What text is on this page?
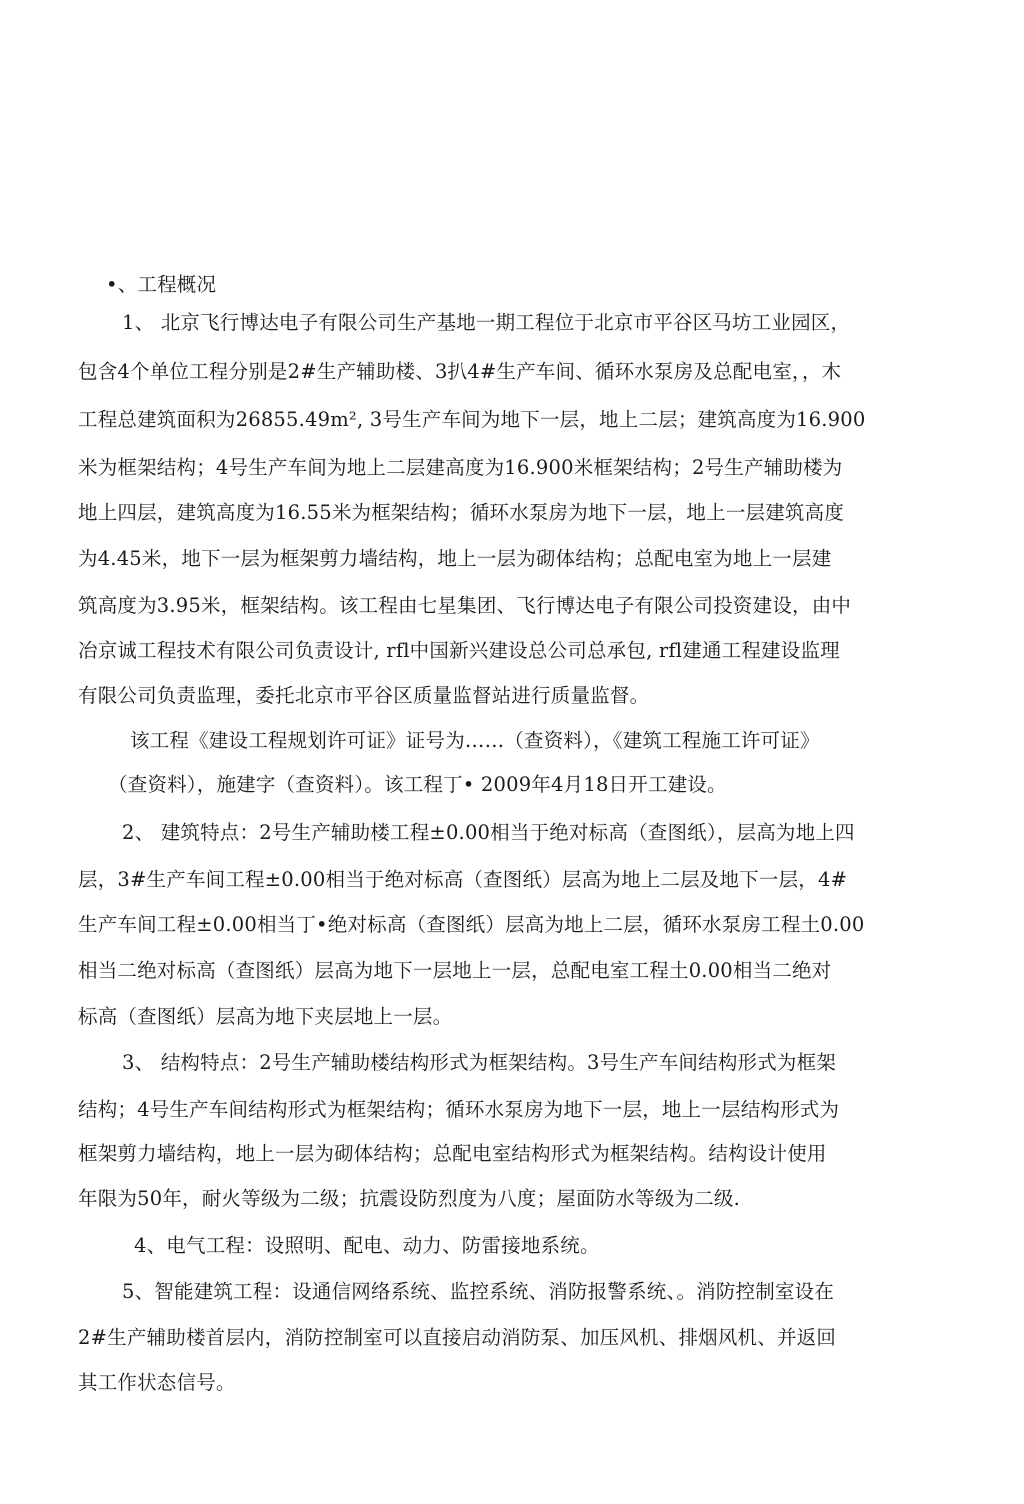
•、工程概况
1、 北京飞行博达电子有限公司生产基地一期工程位于北京市平谷区马坊工业园区，
包含4个单位工程分别是2#生产辅助楼、3扒4#生产车间、循环水泵房及总配电室，，木
工程总建筑面积为26855.49m², 3号生产车间为地下一层，地上二层；建筑高度为16.900
米为框架结构；4号生产车间为地上二层建高度为16.900米框架结构；2号生产辅助楼为
地上四层，建筑高度为16.55米为框架结构；循环水泵房为地下一层，地上一层建筑高度
为4.45米，地下一层为框架剪力墙结构，地上一层为砌体结构；总配电室为地上一层建
筑高度为3.95米，框架结构。该工程由七星集团、飞行博达电子有限公司投资建设，由中
冶京诚工程技术有限公司负责设计, rfl中国新兴建设总公司总承包, rfl建通工程建设监理
有限公司负责监理，委托北京市平谷区质量监督站进行质量监督。
该工程《建设工程规划许可证》证号为……（查资料），《建筑工程施工许可证》
（查资料），施建字（查资料）。该工程丁• 2009年4月18日开工建设。
2、 建筑特点：2号生产辅助楼工程±0.00相当于绝对标高（查图纸），层高为地上四
层，3#生产车间工程±0.00相当于绝对标高（查图纸）层高为地上二层及地下一层，4#
生产车间工程±0.00相当丁•绝对标高（查图纸）层高为地上二层，循环水泵房工程土0.00
相当二绝对标高（查图纸）层高为地下一层地上一层，总配电室工程土0.00相当二绝对
标高（查图纸）层高为地下夹层地上一层。
3、 结构特点：2号生产辅助楼结构形式为框架结构。3号生产车间结构形式为框架
结构；4号生产车间结构形式为框架结构；循环水泵房为地下一层，地上一层结构形式为
框架剪力墙结构，地上一层为砌体结构；总配电室结构形式为框架结构。结构设计使用
年限为50年，耐火等级为二级；抗震设防烈度为八度；屋面防水等级为二级.
4、电气工程：设照明、配电、动力、防雷接地系统。
5、智能建筑工程：设通信网络系统、监控系统、消防报警系统、。消防控制室设在
2#生产辅助楼首层内，消防控制室可以直接启动消防泵、加压风机、排烟风机、并返回
其工作状态信号。
